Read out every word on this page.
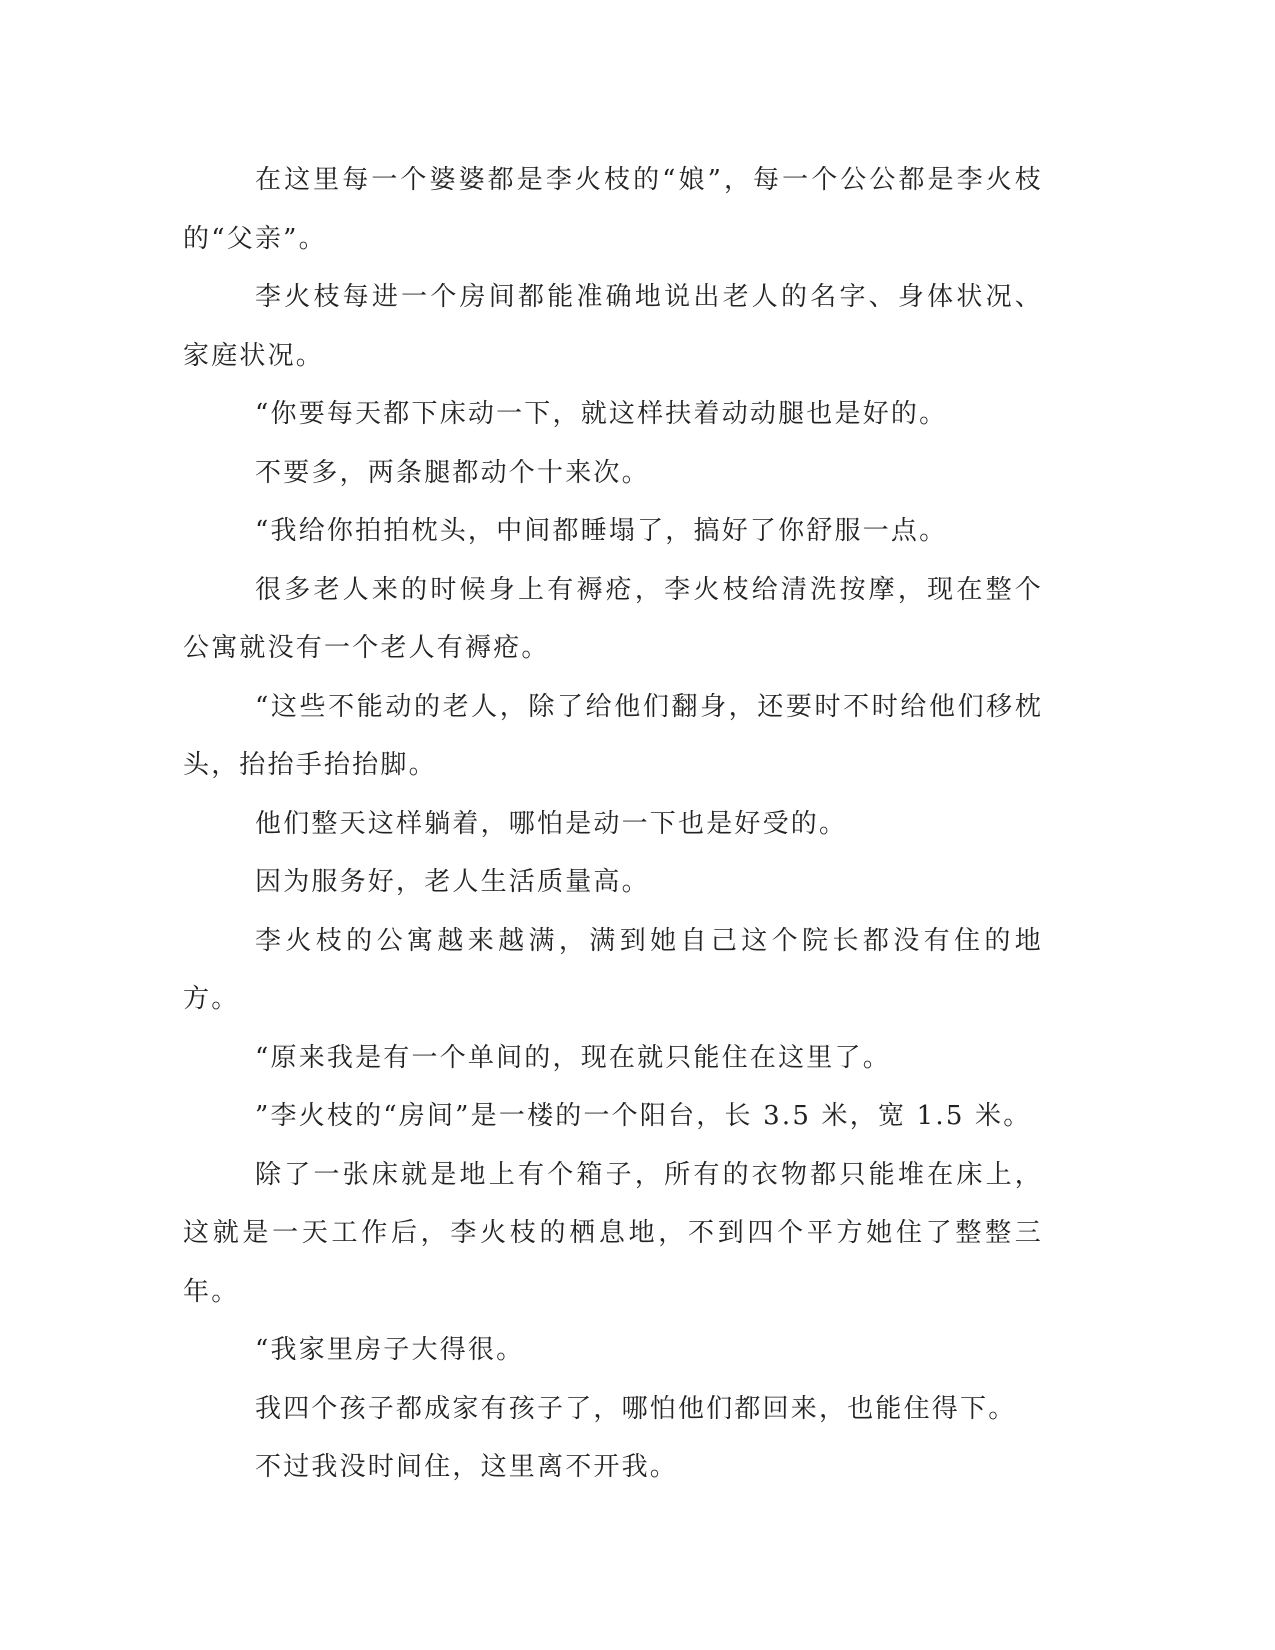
在这里每一个婆婆都是李火枝的“娘”，每一个公公都是李火枝的“父亲”。

李火枝每进一个房间都能准确地说出老人的名字、身体状况、家庭状况。

“你要每天都下床动一下，就这样扶着动动腿也是好的。

不要多，两条腿都动个十来次。

“我给你拍拍枕头，中间都睡塌了，搞好了你舒服一点。

很多老人来的时候身上有褥疮，李火枝给清洗按摩，现在整个公寓就没有一个老人有褥疮。

“这些不能动的老人，除了给他们翻身，还要时不时给他们移枕头，抬抬手抬抬脚。

他们整天这样躺着，哪怕是动一下也是好受的。

因为服务好，老人生活质量高。

李火枝的公寓越来越满，满到她自己这个院长都没有住的地方。

“原来我是有一个单间的，现在就只能住在这里了。

”李火枝的“房间”是一楼的一个阳台，长 3.5 米，宽 1.5 米。

除了一张床就是地上有个箱子，所有的衣物都只能堆在床上，这就是一天工作后，李火枝的栖息地，不到四个平方她住了整整三年。

“我家里房子大得很。

我四个孩子都成家有孩子了，哪怕他们都回来，也能住得下。

不过我没时间住，这里离不开我。
